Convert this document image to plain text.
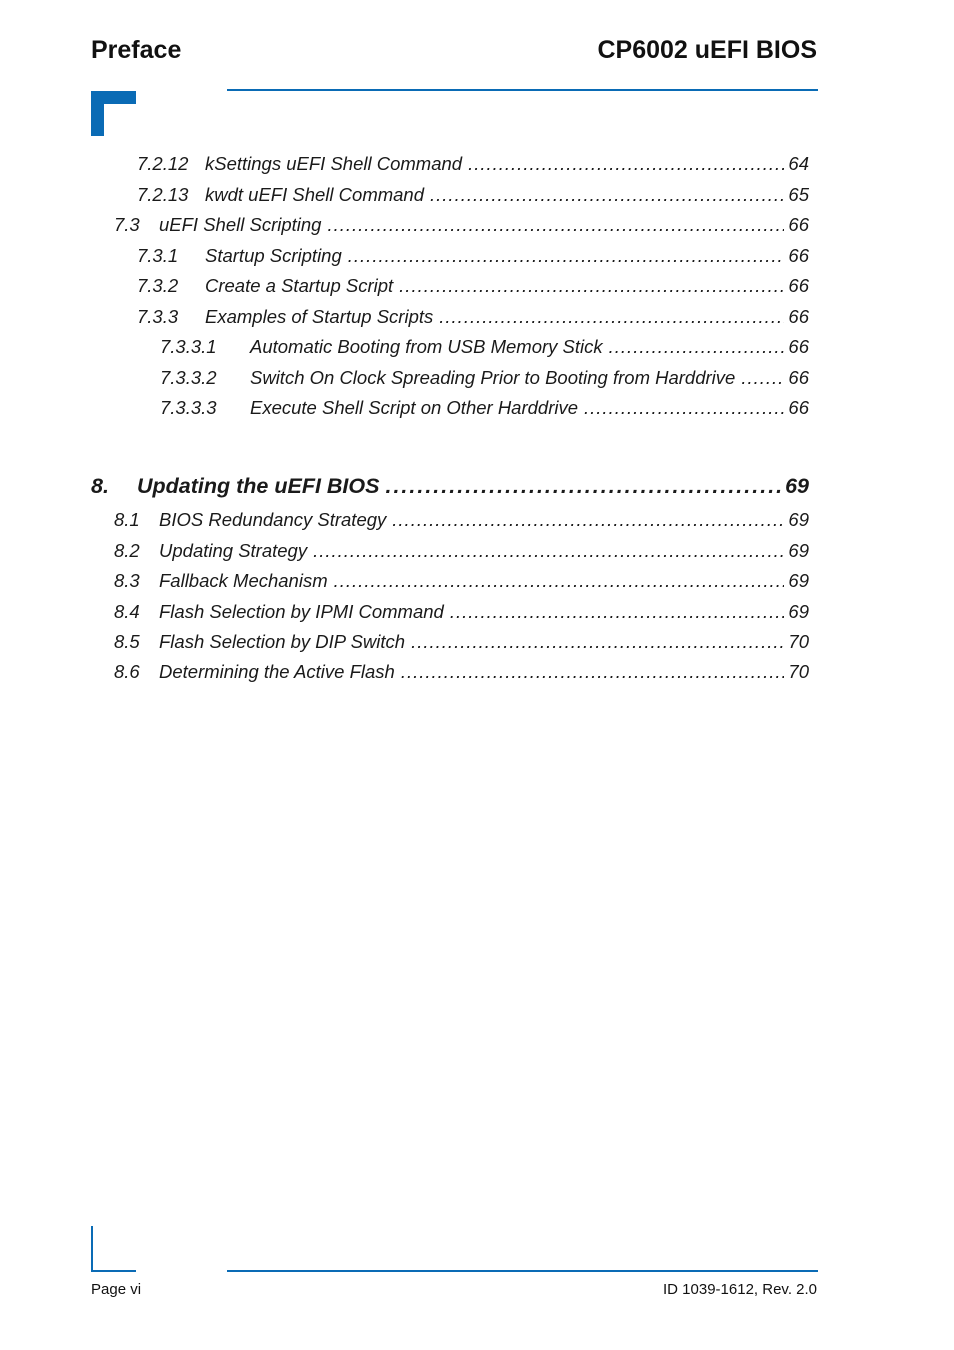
Preface	CP6002 uEFI BIOS
7.2.12 kSettings uEFI Shell Command .....	64
7.2.13 kwdt uEFI Shell Command .....	65
7.3	uEFI Shell Scripting .....	66
7.3.1	Startup Scripting .....	66
7.3.2	Create a Startup Script .....	66
7.3.3	Examples of Startup Scripts .....	66
7.3.3.1	Automatic Booting from USB Memory Stick .....	66
7.3.3.2	Switch On Clock Spreading Prior to Booting from Harddrive .....	66
7.3.3.3	Execute Shell Script on Other Harddrive .....	66
8.	Updating the uEFI BIOS .....	69
8.1	BIOS Redundancy Strategy .....	69
8.2	Updating Strategy .....	69
8.3	Fallback Mechanism .....	69
8.4	Flash Selection by IPMI Command .....	69
8.5	Flash Selection by DIP Switch .....	70
8.6	Determining the Active Flash .....	70
Page vi	ID 1039-1612, Rev. 2.0
